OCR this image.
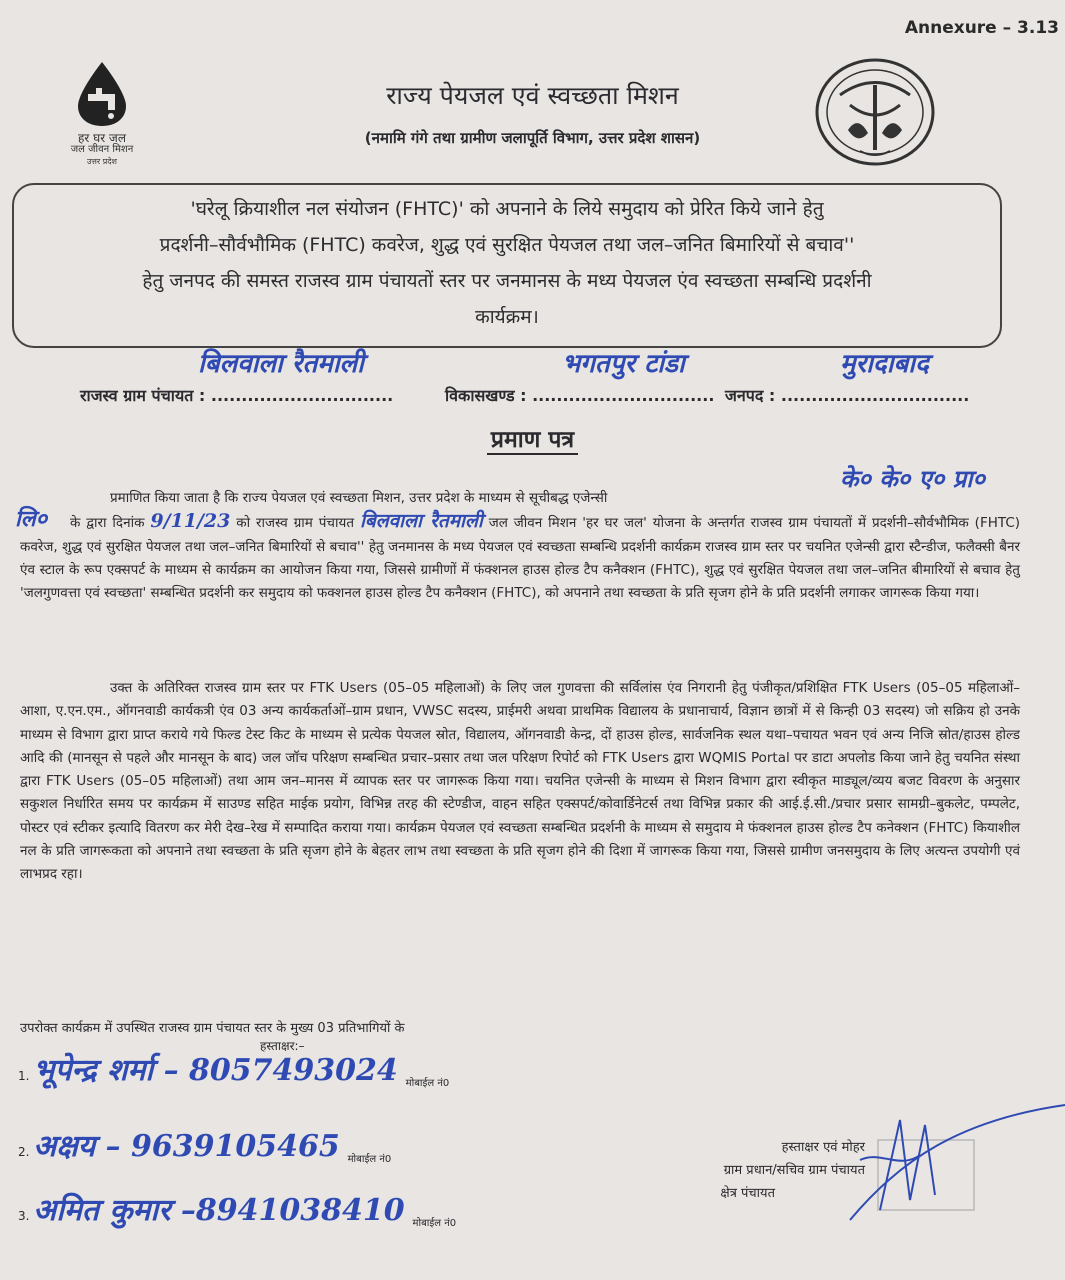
Annexure – 3.13
हर घर जल
जल जीवन मिशन
उत्तर प्रदेश
राज्य पेयजल एवं स्वच्छता मिशन
(नमामि गंगे तथा ग्रामीण जलापूर्ति विभाग, उत्तर प्रदेश शासन)
'घरेलू क्रियाशील नल संयोजन (FHTC)' को अपनाने के लिये समुदाय को प्रेरित किये जाने हेतु
प्रदर्शनी–सौर्वभौमिक (FHTC) कवरेज, शुद्ध एवं सुरक्षित पेयजल तथा जल–जनित बिमारियों से बचाव''
हेतु जनपद की समस्त राजस्व ग्राम पंचायतों स्तर पर जनमानस के मध्य पेयजल एंव स्वच्छता सम्बन्धि प्रदर्शनी
कार्यक्रम।
बिलवाला रैतमाली	भगतपुर टांडा	मुरादाबाद
राजस्व ग्राम पंचायत : ..............................	विकासखण्ड : .............................. जनपद : ...............................
प्रमाण पत्र
के० के० ए० प्रा०
लि०
प्रमाणित किया जाता है कि राज्य पेयजल एवं स्वच्छता मिशन, उत्तर प्रदेश के माध्यम से सूचीबद्ध एजेन्सी
के द्वारा दिनांक 9/11/23 को राजस्व ग्राम पंचायत बिलवाला रैतमाली जल जीवन मिशन 'हर घर जल' योजना के अन्तर्गत राजस्व ग्राम पंचायतों में प्रदर्शनी–सौर्वभौमिक (FHTC) कवरेज, शुद्ध एवं सुरक्षित पेयजल तथा जल–जनित बिमारियों से बचाव'' हेतु जनमानस के मध्य पेयजल एवं स्वच्छता सम्बन्धि प्रदर्शनी कार्यक्रम राजस्व ग्राम स्तर पर चयनित एजेन्सी द्वारा स्टैन्डीज, फलैक्सी बैनर एंव स्टाल के रूप एक्सपर्ट के माध्यम से कार्यक्रम का आयोजन किया गया, जिससे ग्रामीणों में फंक्शनल हाउस होल्ड टैप कनैक्शन (FHTC), शुद्ध एवं सुरक्षित पेयजल तथा जल–जनित बीमारियों से बचाव हेतु 'जलगुणवत्ता एवं स्वच्छता' सम्बन्धित प्रदर्शनी कर समुदाय को फक्शनल हाउस होल्ड टैप कनैक्शन (FHTC), को अपनाने तथा स्वच्छता के प्रति सृजग होने के प्रति प्रदर्शनी लगाकर जागरूक किया गया।
उक्त के अतिरिक्त राजस्व ग्राम स्तर पर FTK Users (05–05 महिलाओं) के लिए जल गुणवत्ता की सर्विलांस एंव निगरानी हेतु पंजीकृत/प्रशिक्षित FTK Users (05–05 महिलाओं–आशा, ए.एन.एम., ऑगनवाडी कार्यकत्री एंव 03 अन्य कार्यकर्ताओं–ग्राम प्रधान, VWSC सदस्य, प्राईमरी अथवा प्राथमिक विद्यालय के प्रधानाचार्य, विज्ञान छात्रों में से किन्ही 03 सदस्य) जो सक्रिय हो उनके माध्यम से विभाग द्वारा प्राप्त कराये गये फिल्ड टेस्ट किट के माध्यम से प्रत्येक पेयजल स्रोत, विद्यालय, ऑगनवाडी केन्द्र, दों हाउस होल्ड, सार्वजनिक स्थल यथा–पचायत भवन एवं अन्य निजि स्रोत/हाउस होल्ड आदि की (मानसून से पहले और मानसून के बाद) जल जॉच परिक्षण सम्बन्धित प्रचार–प्रसार तथा जल परिक्षण रिपोर्ट को FTK Users द्वारा WQMIS Portal पर डाटा अपलोड किया जाने हेतु चयनित संस्था द्वारा FTK Users (05–05 महिलाओं) तथा आम जन–मानस में व्यापक स्तर पर जागरूक किया गया। चयनित एजेन्सी के माध्यम से मिशन विभाग द्वारा स्वीकृत माड्यूल/व्यय बजट विवरण के अनुसार सकुशल निर्धारित समय पर कार्यक्रम में साउण्ड सहित माईक प्रयोग, विभिन्न तरह की स्टेण्डीज, वाहन सहित एक्सपर्ट/कोवार्डिनेटर्स तथा विभिन्न प्रकार की आई.ई.सी./प्रचार प्रसार सामग्री–बुकलेट, पम्पलेट, पोस्टर एवं स्टीकर इत्यादि वितरण कर मेरी देख–रेख में सम्पादित कराया गया। कार्यक्रम पेयजल एवं स्वच्छता सम्बन्धित प्रदर्शनी के माध्यम से समुदाय मे फंक्शनल हाउस होल्ड टैप कनेक्शन (FHTC) कियाशील नल के प्रति जागरूकता को अपनाने तथा स्वच्छता के प्रति सृजग होने के बेहतर लाभ तथा स्वच्छता के प्रति सृजग होने की दिशा में जागरूक किया गया, जिससे ग्रामीण जनसमुदाय के लिए अत्यन्त उपयोगी एवं लाभप्रद रहा।
उपरोक्त कार्यक्रम में उपस्थित राजस्व ग्राम पंचायत स्तर के मुख्य 03 प्रतिभागियों के
हस्ताक्षर:–
1. भूपेन्द्र शर्मा – 8057493024 मोबाईल नं0
2. अक्षय – 9639105465 मोबाईल नं0
3. अमित कुमार –8941038410 मोबाईल नं0
हस्ताक्षर एवं मोहर
ग्राम प्रधान/सचिव ग्राम पंचायत
क्षेत्र पंचायत
